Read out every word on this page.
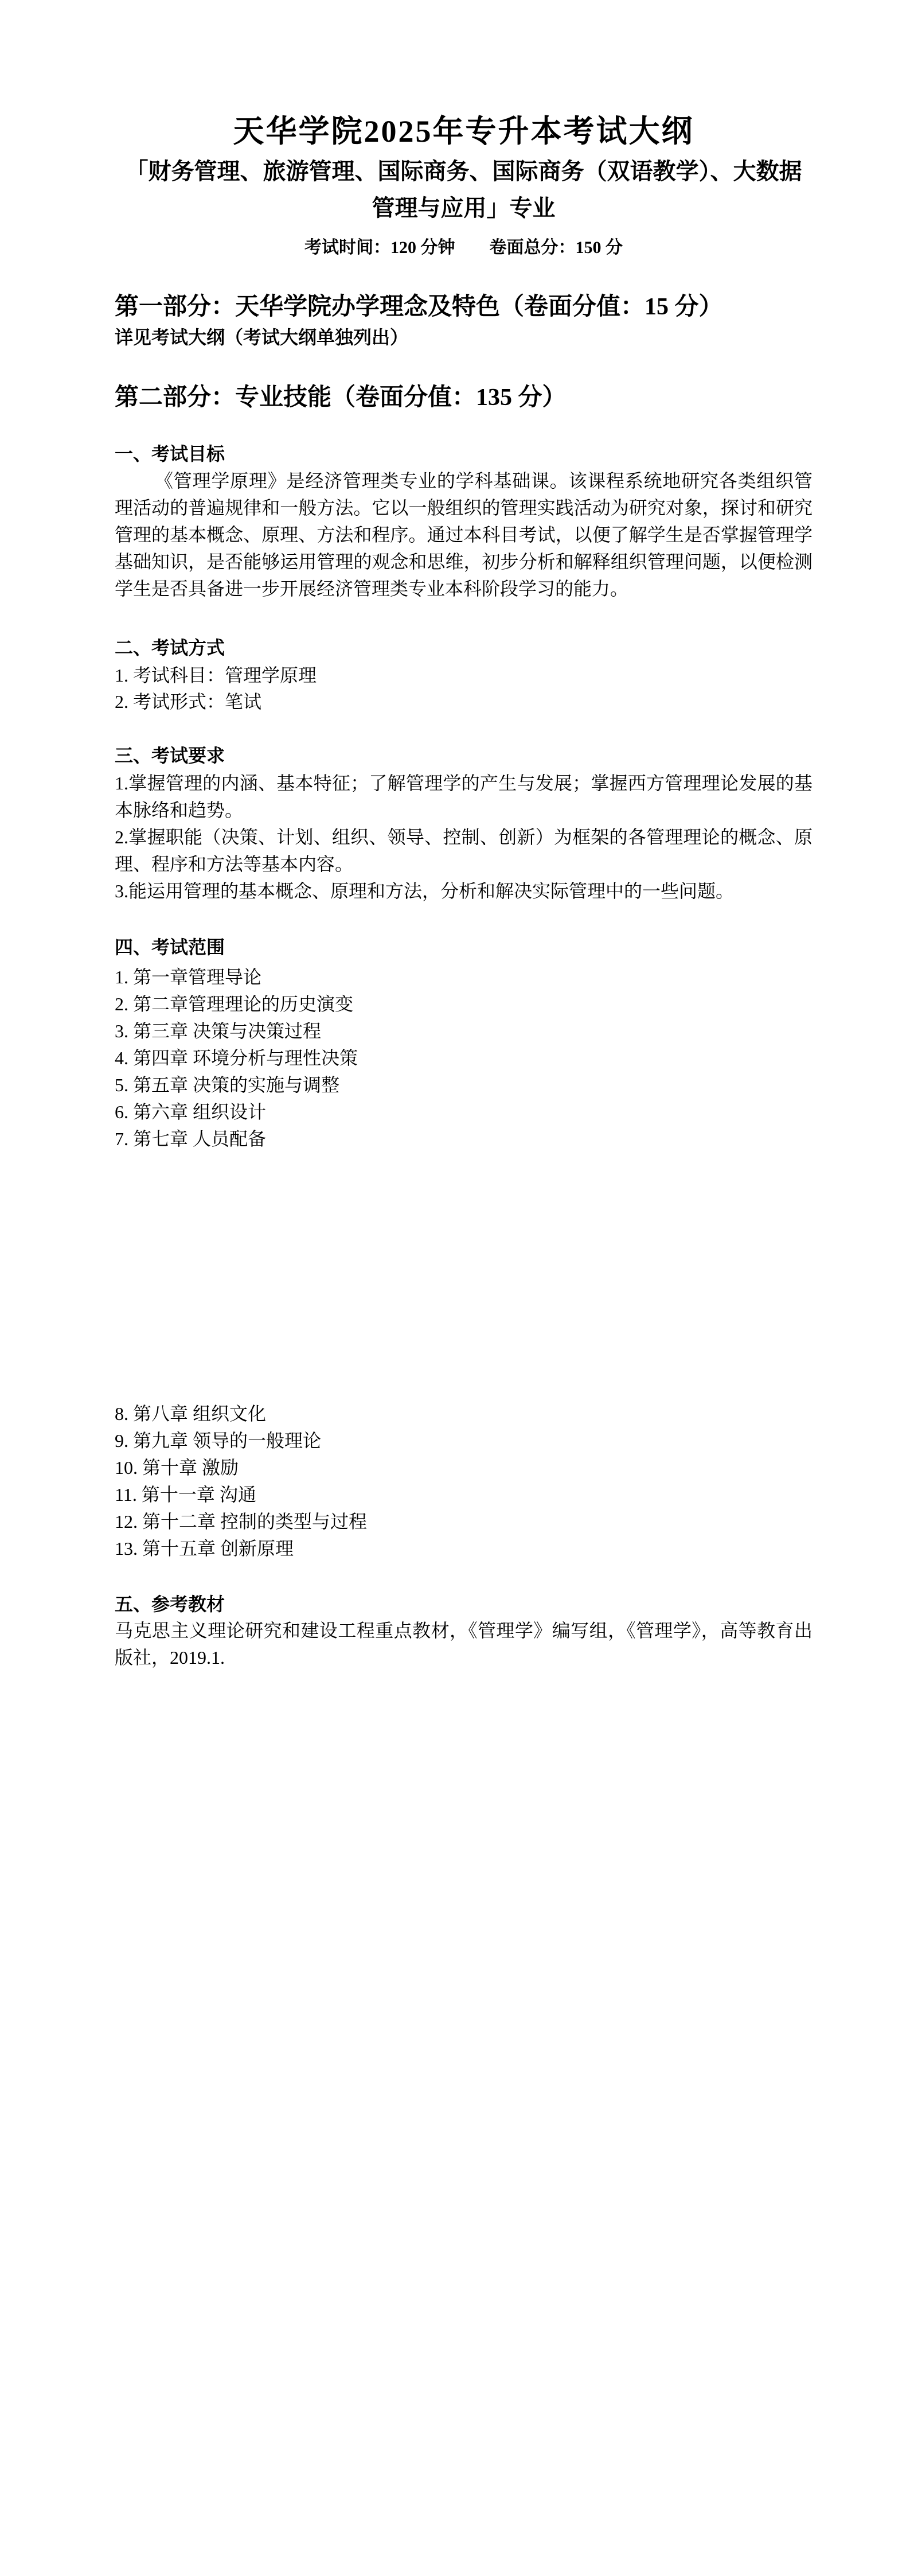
天华学院2025年专升本考试大纲
「财务管理、旅游管理、国际商务、国际商务（双语教学）、大数据
管理与应用」专业
考试时间：120 分钟 卷面总分：150 分
第一部分：天华学院办学理念及特色（卷面分值：15 分）
详见考试大纲（考试大纲单独列出）
第二部分：专业技能（卷面分值：135 分）
一、考试目标

《管理学原理》是经济管理类专业的学科基础课。该课程系统地研究各类组织管理活动的普遍规律和一般方法。它以一般组织的管理实践活动为研究对象，探讨和研究管理的基本概念、原理、方法和程序。通过本科目考试，以便了解学生是否掌握管理学基础知识，是否能够运用管理的观念和思维，初步分析和解释组织管理问题，以便检测学生是否具备进一步开展经济管理类专业本科阶段学习的能力。

二、考试方式
1. 考试科目：管理学原理
2. 考试形式：笔试
三、考试要求

1.掌握管理的内涵、基本特征；了解管理学的产生与发展；掌握西方管理理论发展的基本脉络和趋势。

2.掌握职能（决策、计划、组织、领导、控制、创新）为框架的各管理理论的概念、原理、程序和方法等基本内容。

3.能运用管理的基本概念、原理和方法，分析和解决实际管理中的一些问题。

四、考试范围
1. 第一章管理导论
2. 第二章管理理论的历史演变
3. 第三章 决策与决策过程
4. 第四章 环境分析与理性决策
5. 第五章 决策的实施与调整
6. 第六章 组织设计
7. 第七章 人员配备
8. 第八章 组织文化
9. 第九章 领导的一般理论
10. 第十章 激励
11. 第十一章 沟通
12. 第十二章 控制的类型与过程
13. 第十五章 创新原理
五、参考教材

马克思主义理论研究和建设工程重点教材，《管理学》编写组，《管理学》，高等教育出版社，2019.1.
